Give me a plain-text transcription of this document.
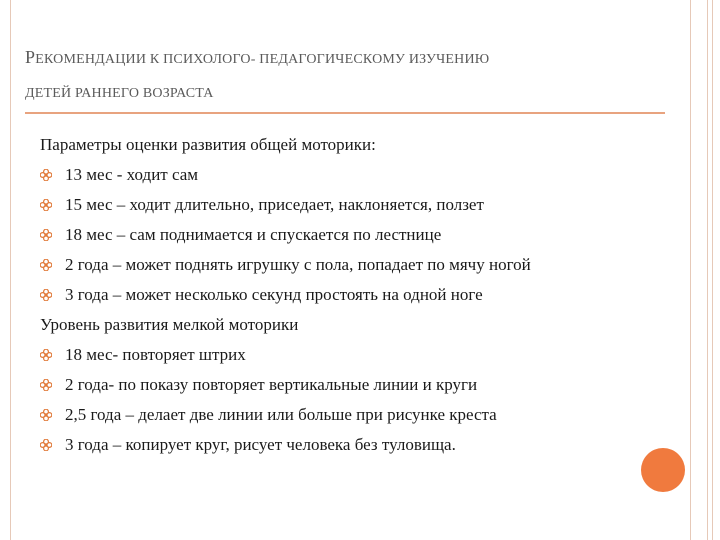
РЕКОМЕНДАЦИИ К ПСИХОЛОГО- ПЕДАГОГИЧЕСКОМУ ИЗУЧЕНИЮ
ДЕТЕЙ РАННЕГО ВОЗРАСТА
Параметры оценки развития общей моторики:
13 мес - ходит сам
15 мес – ходит длительно, приседает, наклоняется, ползет
18 мес – сам поднимается и спускается по лестнице
2 года – может поднять игрушку с пола, попадает по мячу ногой
3 года – может несколько секунд простоять на одной ноге
Уровень развития мелкой моторики
18 мес- повторяет штрих
2 года- по показу повторяет вертикальные линии и круги
2,5 года – делает две линии или больше при рисунке креста
3 года – копирует круг, рисует человека без туловища.
